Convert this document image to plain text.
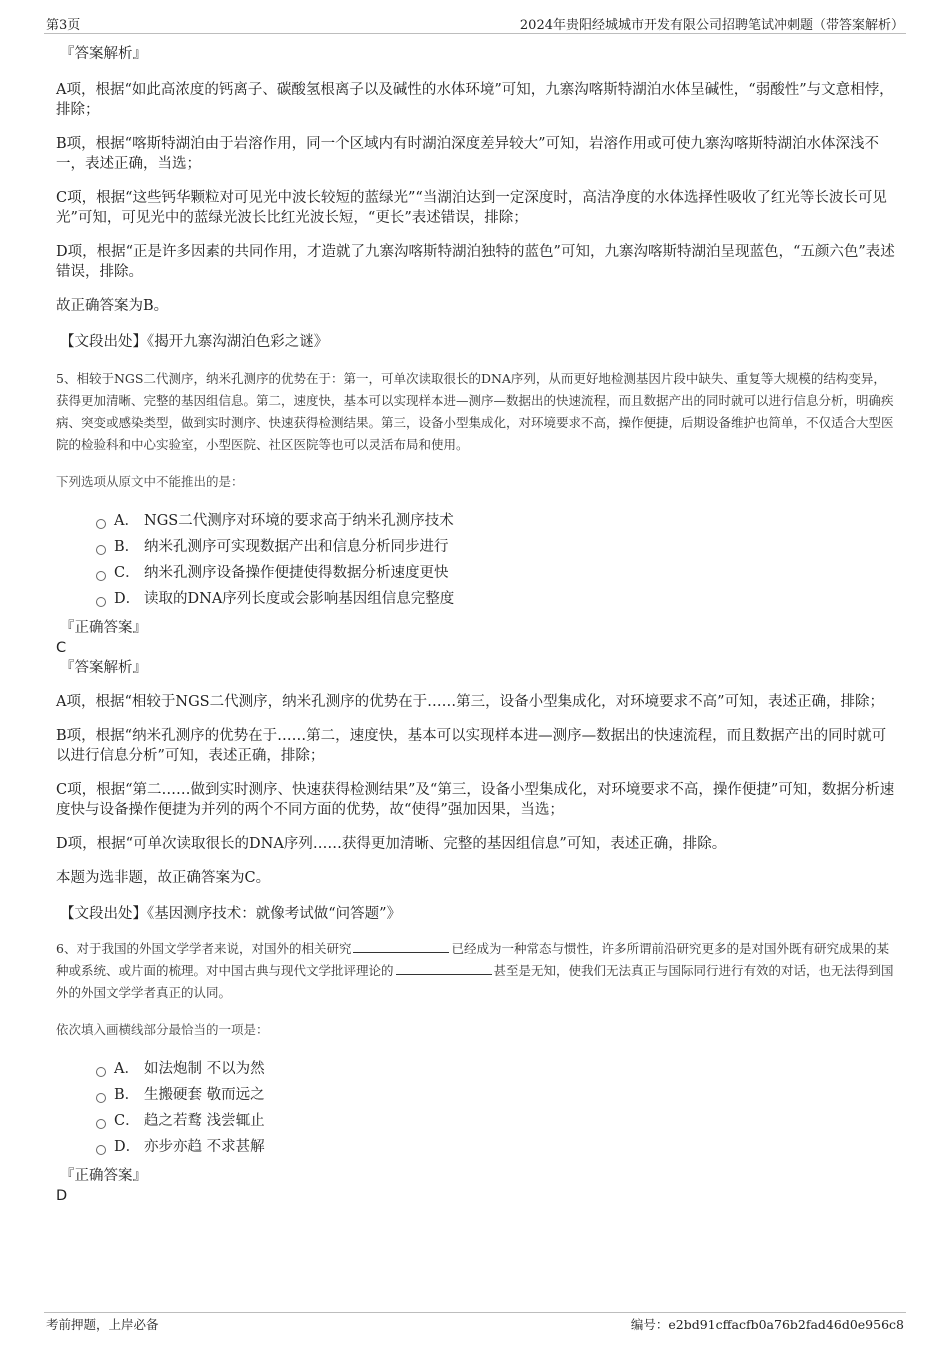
第3页	2024年贵阳经城城市开发有限公司招聘笔试冲刺题（带答案解析）
『答案解析』
A项，根据“如此高浓度的钙离子、碳酸氢根离子以及碱性的水体环境”可知，九寨沟喀斯特湖泊水体呈碱性，“弱酸性”与文意相悖，排除；
B项，根据“喀斯特湖泊由于岩溶作用，同一个区域内有时湖泊深度差异较大”可知，岩溶作用或可使九寨沟喀斯特湖泊水体深浅不一，表述正确，当选；
C项，根据“这些钙华颗粒对可见光中波长较短的蓝绿光”“当湖泊达到一定深度时，高洁净度的水体选择性吸收了红光等长波长可见光”可知，可见光中的蓝绿光波长比红光波长短，“更长”表述错误，排除；
D项，根据“正是许多因素的共同作用，才造就了九寨沟喀斯特湖泊独特的蓝色”可知，九寨沟喀斯特湖泊呈现蓝色，“五颜六色”表述错误，排除。
故正确答案为B。
【文段出处】《揭开九寨沟湖泊色彩之谜》
5、相较于NGS二代测序，纳米孔测序的优势在于：第一，可单次读取很长的DNA序列，从而更好地检测基因片段中缺失、重复等大规模的结构变异，获得更加清晰、完整的基因组信息。第二，速度快，基本可以实现样本进—测序—数据出的快速流程，而且数据产出的同时就可以进行信息分析，明确疾病、突变或感染类型，做到实时测序、快速获得检测结果。第三，设备小型集成化，对环境要求不高，操作便捷，后期设备维护也简单，不仅适合大型医院的检验科和中心实验室，小型医院、社区医院等也可以灵活布局和使用。
下列选项从原文中不能推出的是：
A． NGS二代测序对环境的要求高于纳米孔测序技术
B． 纳米孔测序可实现数据产出和信息分析同步进行
C． 纳米孔测序设备操作便捷使得数据分析速度更快
D． 读取的DNA序列长度或会影响基因组信息完整度
『正确答案』
C
『答案解析』
A项，根据“相较于NGS二代测序，纳米孔测序的优势在于……第三，设备小型集成化，对环境要求不高”可知，表述正确，排除；
B项，根据“纳米孔测序的优势在于……第二，速度快，基本可以实现样本进—测序—数据出的快速流程，而且数据产出的同时就可以进行信息分析”可知，表述正确，排除；
C项，根据“第二……做到实时测序、快速获得检测结果”及“第三，设备小型集成化，对环境要求不高，操作便捷”可知，数据分析速度快与设备操作便捷为并列的两个不同方面的优势，故“使得”强加因果，当选；
D项，根据“可单次读取很长的DNA序列……获得更加清晰、完整的基因组信息”可知，表述正确，排除。
本题为选非题，故正确答案为C。
【文段出处】《基因测序技术：就像考试做“问答题”》
6、对于我国的外国文学学者来说，对国外的相关研究	已经成为一种常态与惯性，许多所谓前沿研究更多的是对国外既有研究成果的某种或系统、或片面的梳理。对中国古典与现代文学批评理论的	甚至是无知，使我们无法真正与国际同行进行有效的对话，也无法得到国外的外国文学学者真正的认同。
依次填入画横线部分最恰当的一项是：
A． 如法炮制 不以为然
B． 生搬硬套 敬而远之
C． 趋之若鹜 浅尝辄止
D． 亦步亦趋 不求甚解
『正确答案』
D
考前押题，上岸必备	编号：e2bd91cffacfb0a76b2fad46d0e956c8
